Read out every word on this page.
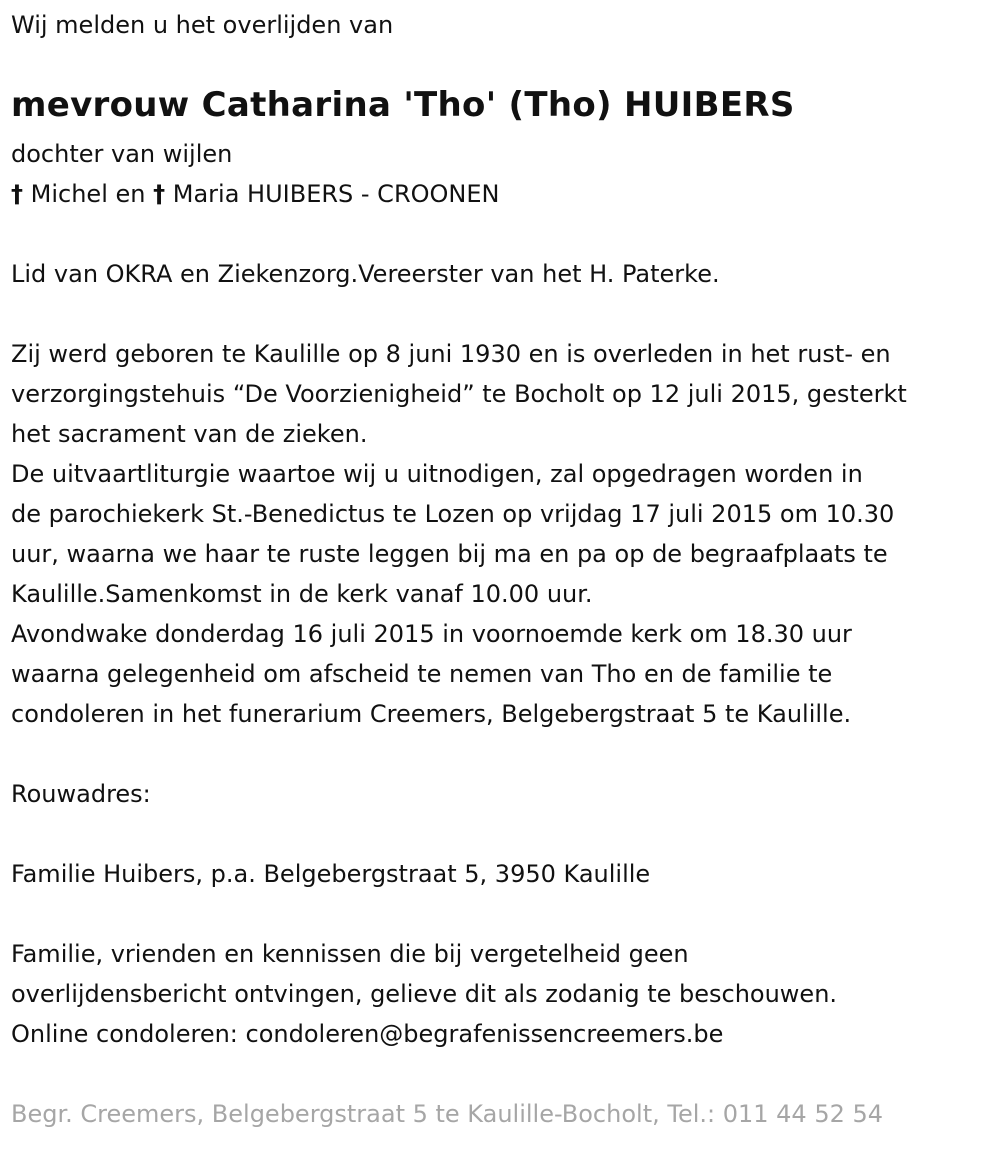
Wij melden u het overlijden van
mevrouw Catharina 'Tho' (Tho) HUIBERS
dochter van wijlen
† Michel en † Maria HUIBERS - CROONEN
Lid van OKRA en Ziekenzorg.Vereerster van het H. Paterke.
Zij werd geboren te Kaulille op 8 juni 1930 en is overleden in het rust- en
verzorgingstehuis “De Voorzienigheid” te Bocholt op 12 juli 2015, gesterkt
het sacrament van de zieken.
De uitvaartliturgie waartoe wij u uitnodigen, zal opgedragen worden in
de parochiekerk St.-Benedictus te Lozen op vrijdag 17 juli 2015 om 10.30
uur, waarna we haar te ruste leggen bij ma en pa op de begraafplaats te
Kaulille.Samenkomst in de kerk vanaf 10.00 uur.
Avondwake donderdag 16 juli 2015 in voornoemde kerk om 18.30 uur
waarna gelegenheid om afscheid te nemen van Tho en de familie te
condoleren in het funerarium Creemers, Belgebergstraat 5 te Kaulille.
Rouwadres:
Familie Huibers, p.a. Belgebergstraat 5, 3950 Kaulille
Familie, vrienden en kennissen die bij vergetelheid geen
overlijdensbericht ontvingen, gelieve dit als zodanig te beschouwen.
Online condoleren: condoleren@begrafenissencreemers.be
Begr. Creemers, Belgebergstraat 5 te Kaulille-Bocholt, Tel.: 011 44 52 54
